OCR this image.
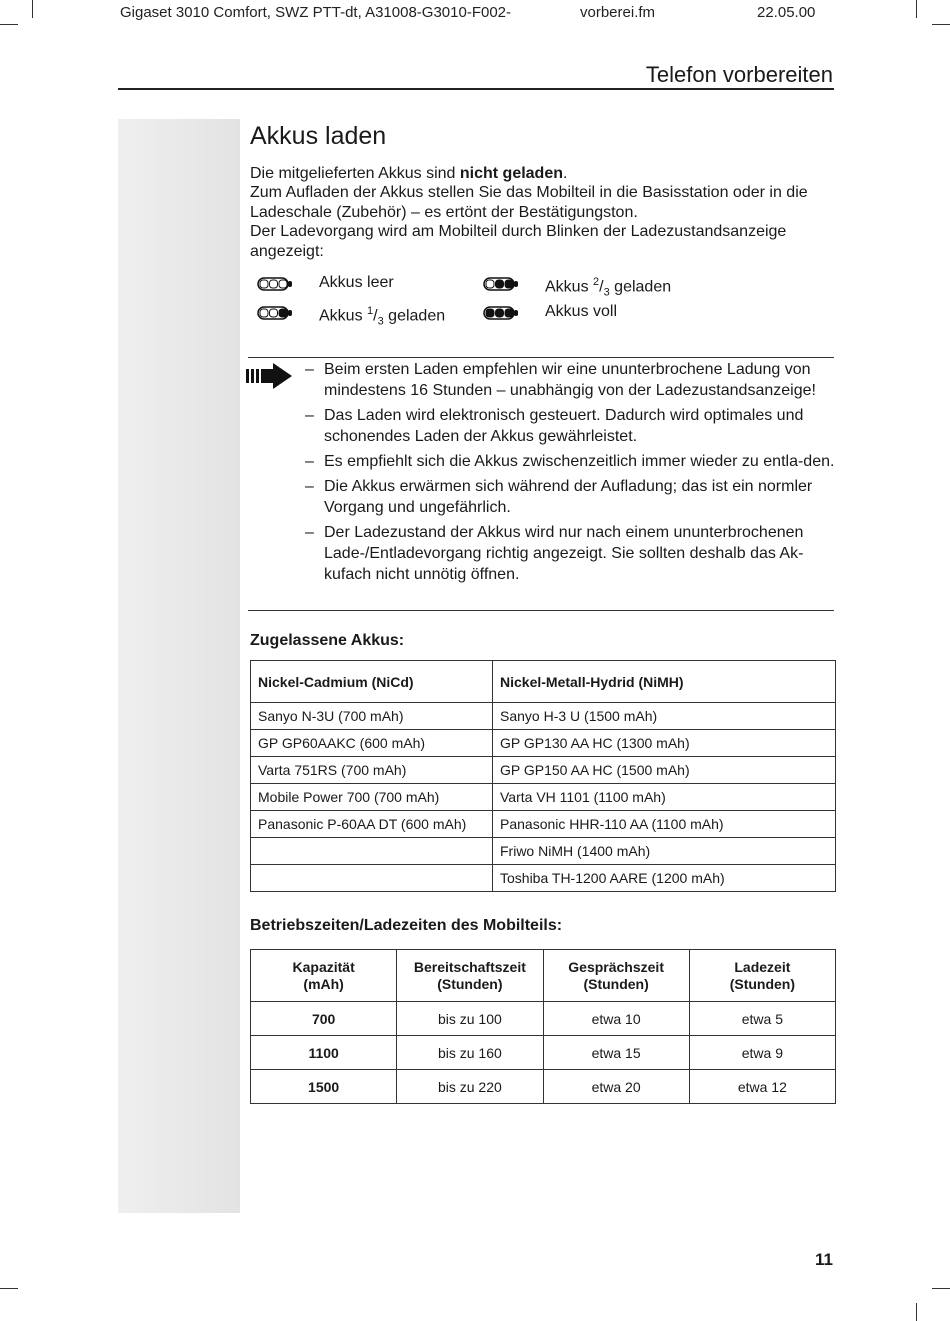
Gigaset 3010 Comfort, SWZ PTT-dt, A31008-G3010-F002-	vorberei.fm	22.05.00
Telefon vorbereiten
Akkus laden

Die mitgelieferten Akkus sind nicht geladen.

Zum Aufladen der Akkus stellen Sie das Mobilteil in die Basisstation oder in die Ladeschale (Zubehör) – es ertönt der Bestätigungston.

Der Ladevorgang wird am Mobilteil durch Blinken der Ladezustandsanzeige angezeigt:

Akkus leer
Akkus $^1/_3$ geladen
Akkus $^2/_3$ geladen
Akkus voll
– Beim ersten Laden empfehlen wir eine ununterbrochene Ladung von mindestens 16 Stunden – unabhängig von der Ladezustandsanzeige!
– Das Laden wird elektronisch gesteuert. Dadurch wird optimales und schonendes Laden der Akkus gewährleistet.
– Es empfiehlt sich die Akkus zwischenzeitlich immer wieder zu entla-den.
– Die Akkus erwärmen sich während der Aufladung; das ist ein normler Vorgang und ungefährlich.
– Der Ladezustand der Akkus wird nur nach einem ununterbrochenen Lade-/Entladevorgang richtig angezeigt. Sie sollten deshalb das Ak-kufach nicht unnötig öffnen.
Zugelassene Akkus:
Nickel-Cadmium (NiCd)	Nickel-Metall-Hydrid (NiMH)
Sanyo N-3U (700 mAh)	Sanyo H-3 U (1500 mAh)
GP GP60AAKC (600 mAh)	GP GP130 AA HC (1300 mAh)
Varta 751RS (700 mAh)	GP GP150 AA HC (1500 mAh)
Mobile Power 700 (700 mAh)	Varta VH 1101 (1100 mAh)
Panasonic P-60AA DT (600 mAh)	Panasonic HHR-110 AA (1100 mAh)
	Friwo NiMH (1400 mAh)
	Toshiba TH-1200 AARE (1200 mAh)
Betriebszeiten/Ladezeiten des Mobilteils:
Kapazität
(mAh)	Bereitschaftszeit
(Stunden)	Gesprächszeit
(Stunden)	Ladezeit
(Stunden)
700	bis zu 100	etwa 10	etwa 5
1100	bis zu 160	etwa 15	etwa 9
1500	bis zu 220	etwa 20	etwa 12
11
